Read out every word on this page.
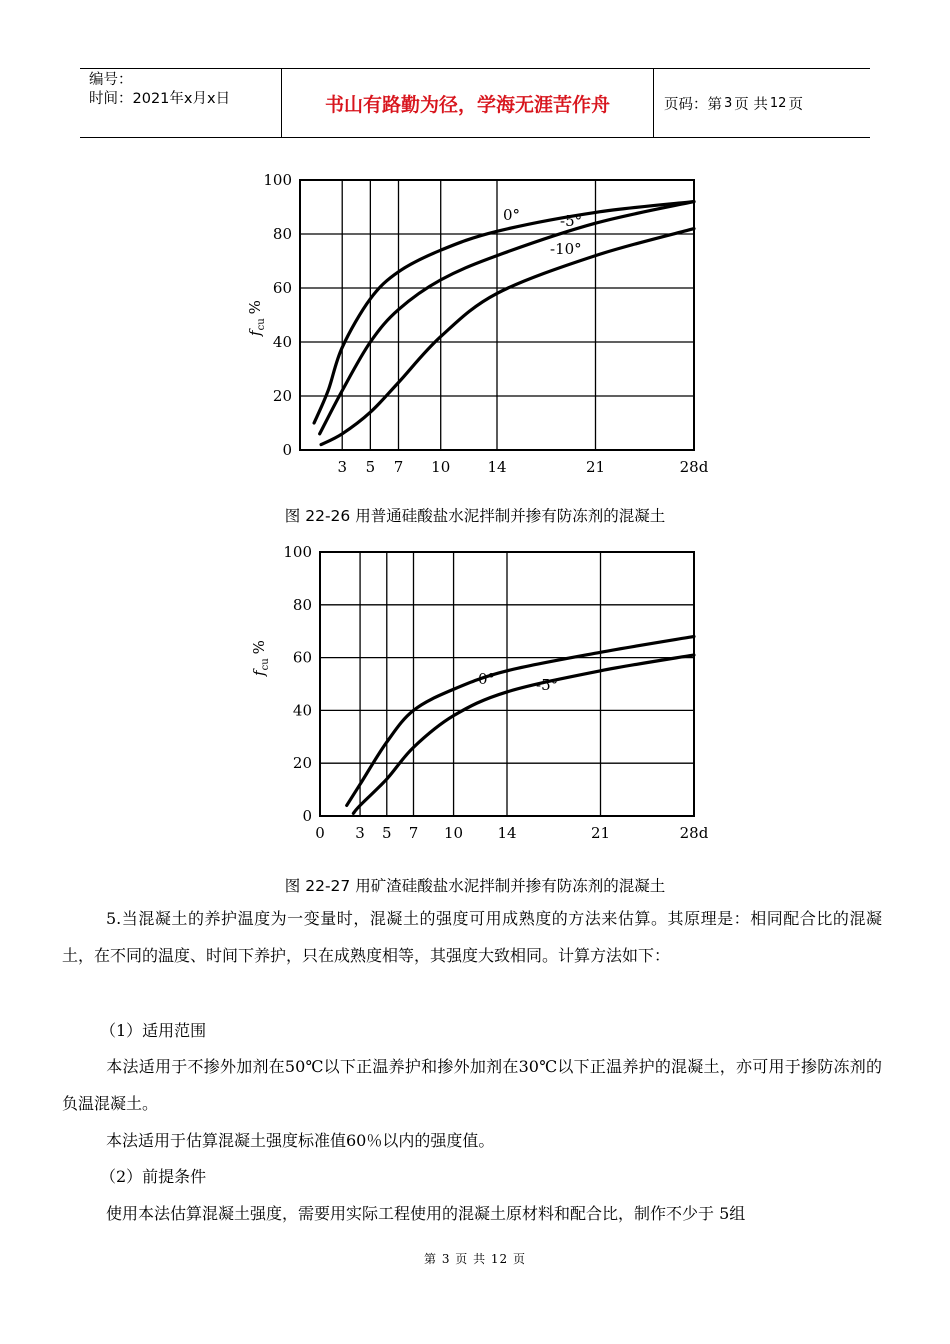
编号：
时间：2021年x月x日	书山有路勤为径，学海无涯苦作舟	页码：第 3 页 共 12 页
0
20
40
60
80
100
3 5 7 10 14	21	28d
0°	-5°
-10°
$f_{cu}\%$
图 22-26 用普通硅酸盐水泥拌制并掺有防冻剂的混凝土
0
20
40
60
80
100
0 3 5 7 10 14	21	28d
0°	-5°
$f_{cu}\%$
图 22-27 用矿渣硅酸盐水泥拌制并掺有防冻剂的混凝土
5.当混凝土的养护温度为一变量时，混凝土的强度可用成熟度的方法来估算。其原理是：相同配合比的混凝土，在不同的温度、时间下养护，只在成熟度相等，其强度大致相同。计算方法如下：
（1）适用范围
本法适用于不掺外加剂在50℃以下正温养护和掺外加剂在30℃以下正温养护的混凝土，亦可用于掺防冻剂的负温混凝土。
本法适用于估算混凝土强度标准值60％以内的强度值。
（2）前提条件
使用本法估算混凝土强度，需要用实际工程使用的混凝土原材料和配合比，制作不少于 5组
第 3 页 共 12 页
